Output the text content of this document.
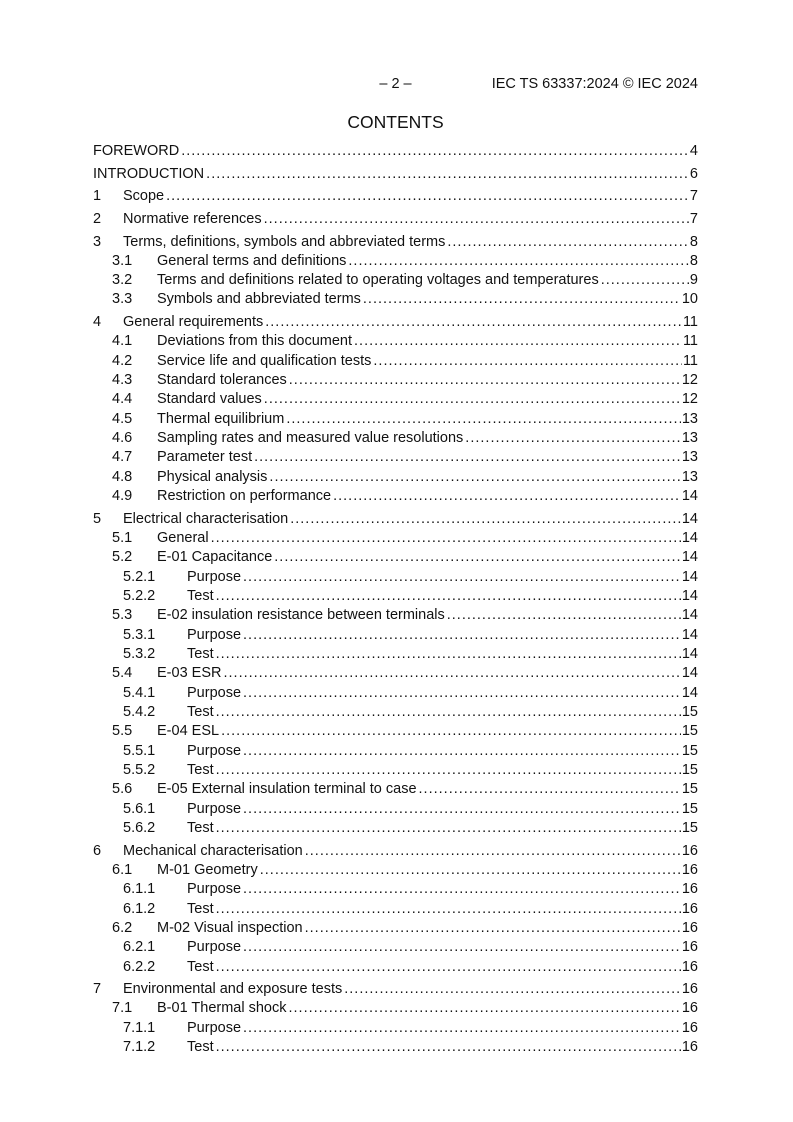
– 2 –	IEC TS 63337:2024 © IEC 2024
CONTENTS
FOREWORD .....	4
INTRODUCTION .....	6
1	Scope .....	7
2	Normative references .....	7
3	Terms, definitions, symbols and abbreviated terms .....	8
3.1	General terms and definitions .....	8
3.2	Terms and definitions related to operating voltages and temperatures .....	9
3.3	Symbols and abbreviated terms .....	10
4	General requirements .....	11
4.1	Deviations from this document .....	11
4.2	Service life and qualification tests .....	11
4.3	Standard tolerances .....	12
4.4	Standard values .....	12
4.5	Thermal equilibrium .....	13
4.6	Sampling rates and measured value resolutions .....	13
4.7	Parameter test .....	13
4.8	Physical analysis .....	13
4.9	Restriction on performance .....	14
5	Electrical characterisation .....	14
5.1	General .....	14
5.2	E-01 Capacitance .....	14
5.2.1	Purpose .....	14
5.2.2	Test .....	14
5.3	E-02 insulation resistance between terminals .....	14
5.3.1	Purpose .....	14
5.3.2	Test .....	14
5.4	E-03 ESR .....	14
5.4.1	Purpose .....	14
5.4.2	Test .....	15
5.5	E-04 ESL .....	15
5.5.1	Purpose .....	15
5.5.2	Test .....	15
5.6	E-05 External insulation terminal to case .....	15
5.6.1	Purpose .....	15
5.6.2	Test .....	15
6	Mechanical characterisation .....	16
6.1	M-01 Geometry .....	16
6.1.1	Purpose .....	16
6.1.2	Test .....	16
6.2	M-02 Visual inspection .....	16
6.2.1	Purpose .....	16
6.2.2	Test .....	16
7	Environmental and exposure tests .....	16
7.1	B-01 Thermal shock .....	16
7.1.1	Purpose .....	16
7.1.2	Test .....	16
